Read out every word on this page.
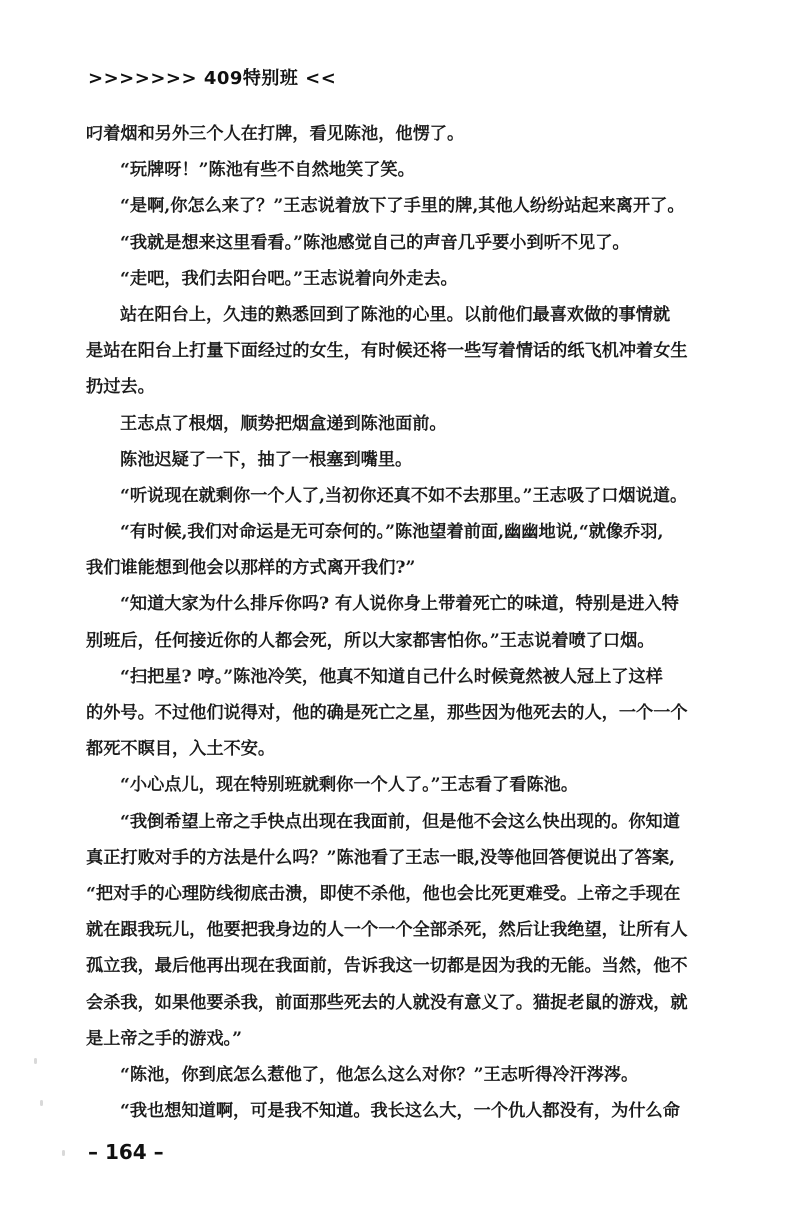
>>>>>>> 409特别班 <<
叼着烟和另外三个人在打牌，看见陈池，他愣了。
“玩牌呀！”陈池有些不自然地笑了笑。
“是啊,你怎么来了？”王志说着放下了手里的牌,其他人纷纷站起来离开了。
“我就是想来这里看看。”陈池感觉自己的声音几乎要小到听不见了。
“走吧，我们去阳台吧。”王志说着向外走去。
站在阳台上，久违的熟悉回到了陈池的心里。以前他们最喜欢做的事情就
是站在阳台上打量下面经过的女生，有时候还将一些写着情话的纸飞机冲着女生
扔过去。
王志点了根烟，顺势把烟盒递到陈池面前。
陈池迟疑了一下，抽了一根塞到嘴里。
“听说现在就剩你一个人了,当初你还真不如不去那里。”王志吸了口烟说道。
“有时候,我们对命运是无可奈何的。”陈池望着前面,幽幽地说,“就像乔羽,
我们谁能想到他会以那样的方式离开我们?”
“知道大家为什么排斥你吗? 有人说你身上带着死亡的味道，特别是进入特
别班后，任何接近你的人都会死，所以大家都害怕你。”王志说着喷了口烟。
“扫把星? 哼。”陈池冷笑，他真不知道自己什么时候竟然被人冠上了这样
的外号。不过他们说得对，他的确是死亡之星，那些因为他死去的人，一个一个
都死不瞑目，入土不安。
“小心点儿，现在特别班就剩你一个人了。”王志看了看陈池。
“我倒希望上帝之手快点出现在我面前，但是他不会这么快出现的。你知道
真正打败对手的方法是什么吗？”陈池看了王志一眼,没等他回答便说出了答案,
“把对手的心理防线彻底击溃，即使不杀他，他也会比死更难受。上帝之手现在
就在跟我玩儿，他要把我身边的人一个一个全部杀死，然后让我绝望，让所有人
孤立我，最后他再出现在我面前，告诉我这一切都是因为我的无能。当然，他不
会杀我，如果他要杀我，前面那些死去的人就没有意义了。猫捉老鼠的游戏，就
是上帝之手的游戏。”
“陈池，你到底怎么惹他了，他怎么这么对你？”王志听得冷汗涔涔。
“我也想知道啊，可是我不知道。我长这么大，一个仇人都没有，为什么命
– 164 –
